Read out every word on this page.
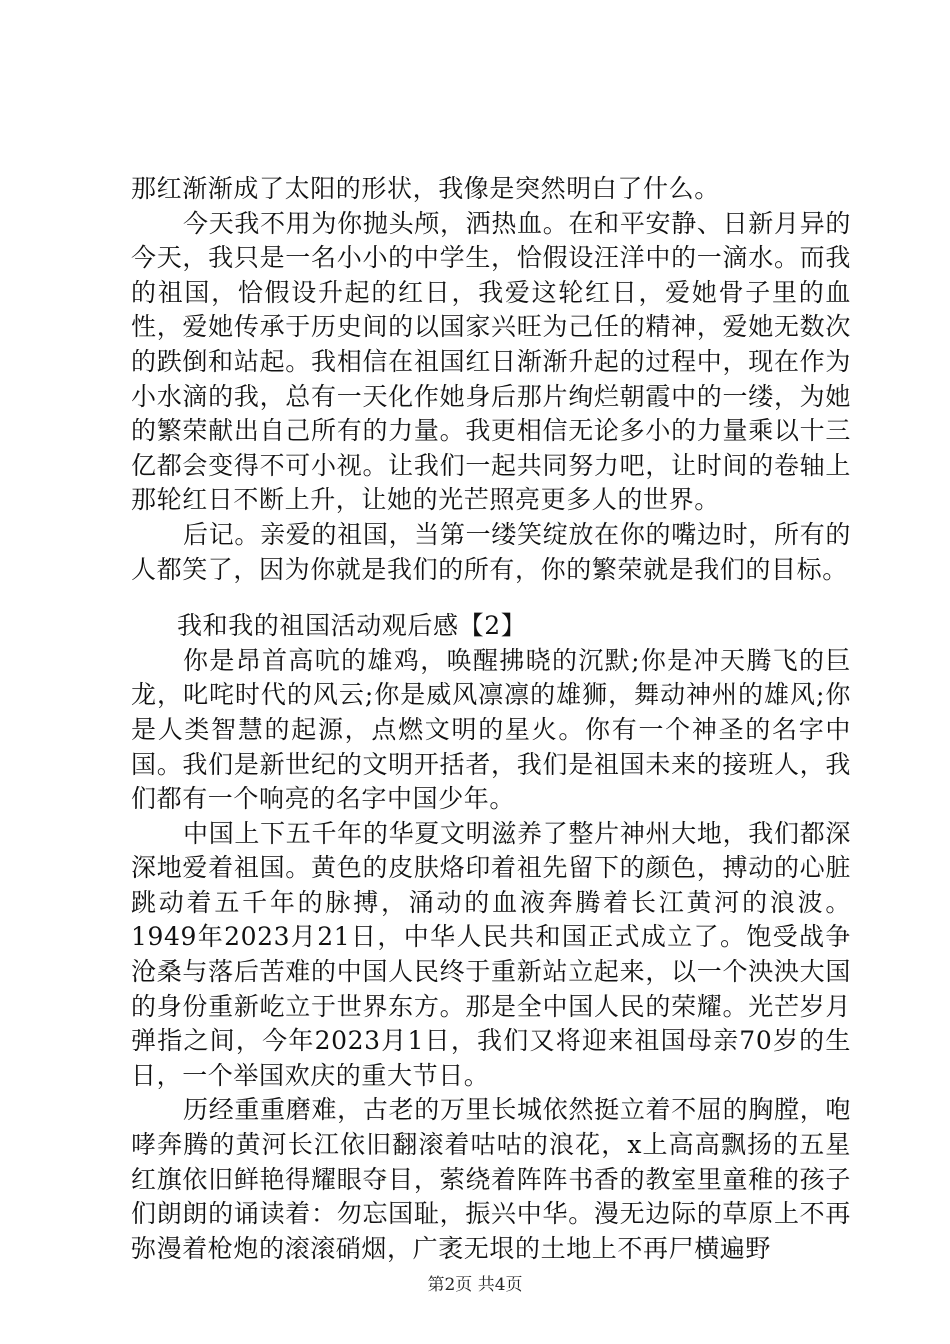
那红渐渐成了太阳的形状，我像是突然明白了什么。

今天我不用为你抛头颅，洒热血。在和平安静、日新月异的今天，我只是一名小小的中学生，恰假设汪洋中的一滴水。而我的祖国，恰假设升起的红日，我爱这轮红日，爱她骨子里的血性，爱她传承于历史间的以国家兴旺为己任的精神，爱她无数次的跌倒和站起。我相信在祖国红日渐渐升起的过程中，现在作为小水滴的我，总有一天化作她身后那片绚烂朝霞中的一缕，为她的繁荣献出自己所有的力量。我更相信无论多小的力量乘以十三亿都会变得不可小视。让我们一起共同努力吧，让时间的卷轴上那轮红日不断上升，让她的光芒照亮更多人的世界。

后记。亲爱的祖国，当第一缕笑绽放在你的嘴边时，所有的人都笑了，因为你就是我们的所有，你的繁荣就是我们的目标。

我和我的祖国活动观后感【2】

你是昂首高吭的雄鸡，唤醒拂晓的沉默;你是冲天腾飞的巨龙，叱咤时代的风云;你是威风凛凛的雄狮，舞动神州的雄风;你是人类智慧的起源，点燃文明的星火。你有一个神圣的名字中国。我们是新世纪的文明开括者，我们是祖国未来的接班人，我们都有一个响亮的名字中国少年。

中国上下五千年的华夏文明滋养了整片神州大地，我们都深深地爱着祖国。黄色的皮肤烙印着祖先留下的颜色，搏动的心脏跳动着五千年的脉搏，涌动的血液奔腾着长江黄河的浪波。1949年2023月21日，中华人民共和国正式成立了。饱受战争沧桑与落后苦难的中国人民终于重新站立起来，以一个泱泱大国的身份重新屹立于世界东方。那是全中国人民的荣耀。光芒岁月弹指之间，今年2023月1日，我们又将迎来祖国母亲70岁的生日，一个举国欢庆的重大节日。

历经重重磨难，古老的万里长城依然挺立着不屈的胸膛，咆哮奔腾的黄河长江依旧翻滚着咕咕的浪花，x上高高飘扬的五星红旗依旧鲜艳得耀眼夺目，萦绕着阵阵书香的教室里童稚的孩子们朗朗的诵读着：勿忘国耻，振兴中华。漫无边际的草原上不再弥漫着枪炮的滚滚硝烟，广袤无垠的土地上不再尸横遍野

第2页 共4页
